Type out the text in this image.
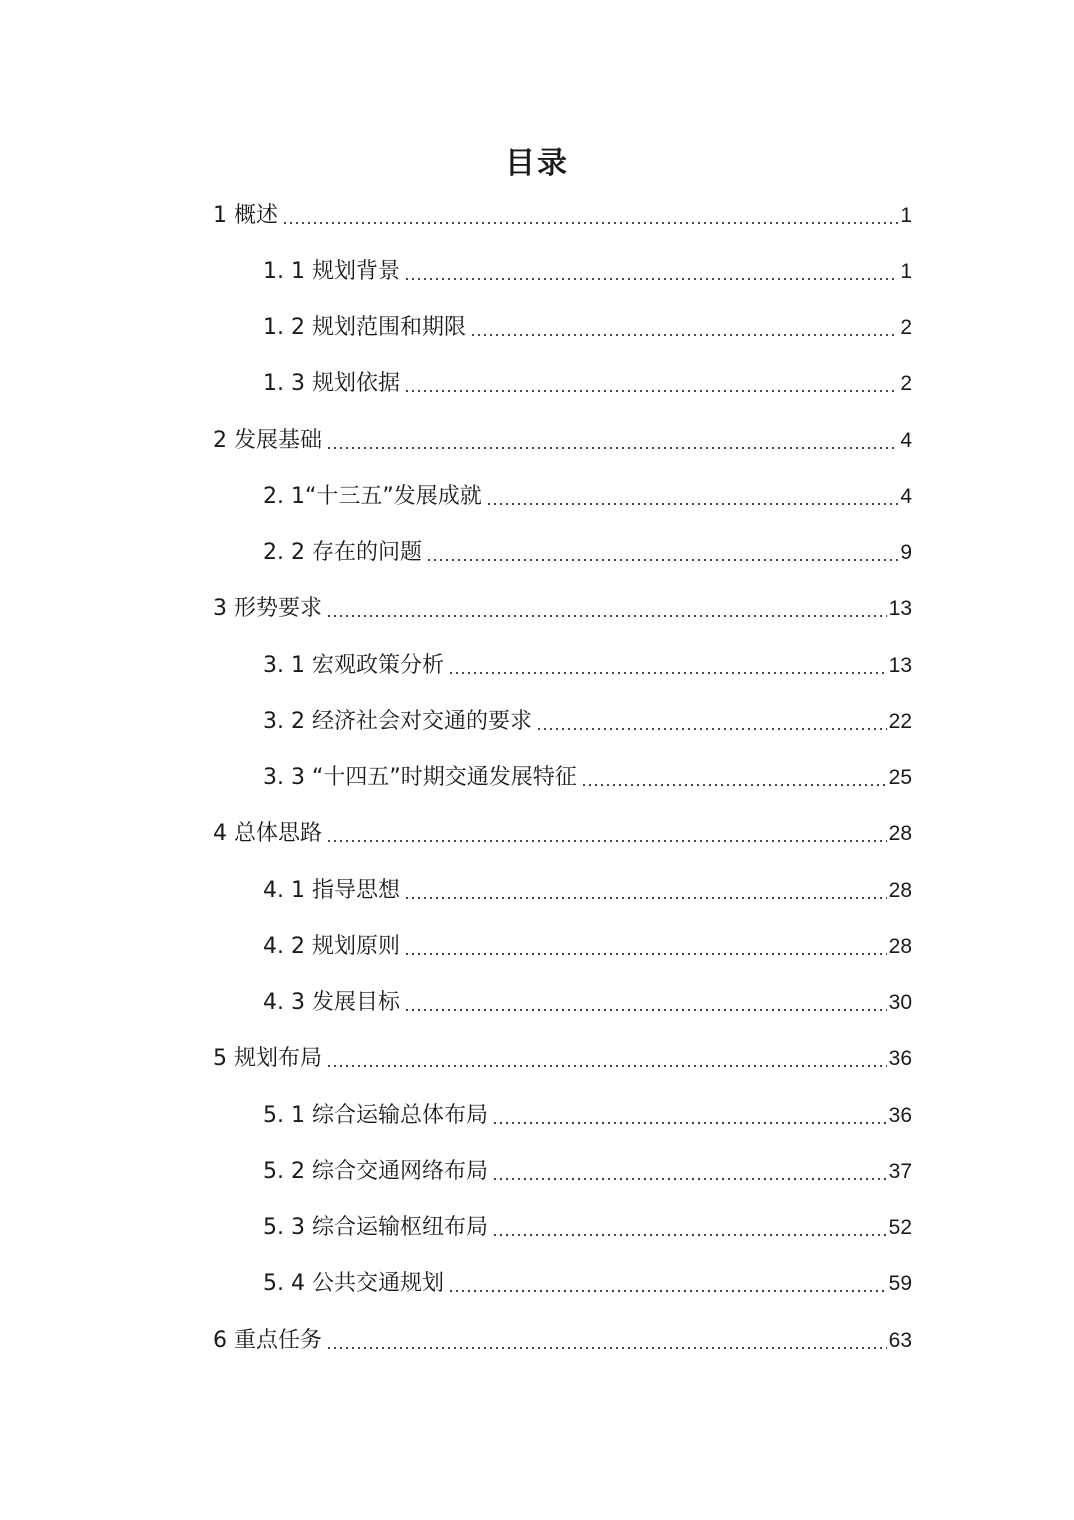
目录
1 概述	1
1. 1 规划背景	1
1. 2 规划范围和期限	2
1. 3 规划依据	2
2 发展基础	4
2. 1“十三五”发展成就	4
2. 2 存在的问题	9
3 形势要求	13
3. 1 宏观政策分析	13
3. 2 经济社会对交通的要求	22
3. 3 “十四五”时期交通发展特征	25
4 总体思路	28
4. 1 指导思想	28
4. 2 规划原则	28
4. 3 发展目标	30
5 规划布局	36
5. 1 综合运输总体布局	36
5. 2 综合交通网络布局	37
5. 3 综合运输枢纽布局	52
5. 4 公共交通规划	59
6 重点任务	63
